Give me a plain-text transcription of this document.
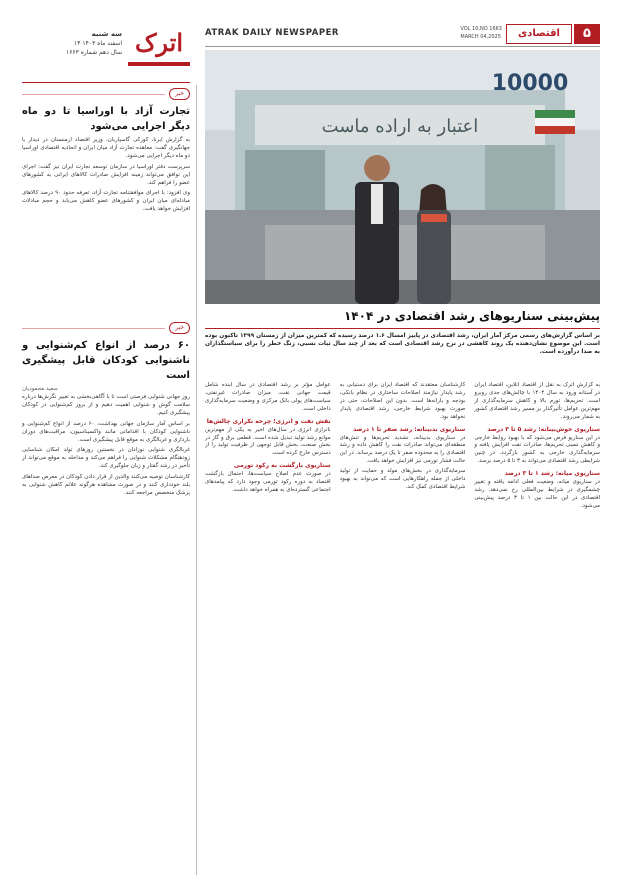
۵
اقتصادی
VOL 10,NO 1663
MARCH 04,2025
ATRAK DAILY NEWSPAPER
اترک
سه شنبه
۱۴ اسفند ماه ۱۴۰۳
سال دهم شماره ۱۶۶۳
خبر
تجارت آزاد با اوراسیا تا دو ماه دیگر اجرایی می‌شود

به گزارش ایرنا، کورکی گاسپاریان، وزیر اقتصاد ارمنستان در دیدار با جهانگیری گفت: معاهده تجارت آزاد میان ایران و اتحادیه اقتصادی اوراسیا دو ماه دیگر اجرایی می‌شود.

سرپرست دفتر اوراسیا در سازمان توسعه تجارت ایران نیز گفت: اجرای این توافق می‌تواند زمینه افزایش صادرات کالاهای ایرانی به کشورهای عضو را فراهم کند.

وی افزود: با اجرای موافقتنامه تجارت آزاد، تعرفه حدود ۹۰ درصد کالاهای مبادله‌ای میان ایران و کشورهای عضو کاهش می‌یابد و حجم مبادلات افزایش خواهد یافت.

خبر
۶۰ درصد از انواع کم‌شنوایی و ناشنوایی کودکان قابل پیشگیری است
سعید محمودیان

روز جهانی شنوایی فرصتی است تا با آگاهی‌بخشی به تغییر نگرش‌ها درباره سلامت گوش و شنوایی اهمیت دهیم و از بروز کم‌شنوایی در کودکان پیشگیری کنیم.

بر اساس آمار سازمان جهانی بهداشت، ۶۰ درصد از انواع کم‌شنوایی و ناشنوایی کودکان با اقداماتی مانند واکسیناسیون، مراقبت‌های دوران بارداری و غربالگری به موقع قابل پیشگیری است.

غربالگری شنوایی نوزادان در نخستین روزهای تولد امکان شناسایی زودهنگام مشکلات شنوایی را فراهم می‌کند و مداخله به موقع می‌تواند از تأخیر در رشد گفتار و زبان جلوگیری کند.

کارشناسان توصیه می‌کنند والدین از قرار دادن کودکان در معرض صداهای بلند خودداری کنند و در صورت مشاهده هرگونه علائم کاهش شنوایی به پزشک متخصص مراجعه کنند.

اعتبار به اراده ماست
10000
پیش‌بینی سناریوهای رشد اقتصادی در ۱۴۰۴
بر اساس گزارش‌های رسمی مرکز آمار ایران، رشد اقتصادی در پاییز امسال ۱.۶ درصد رسیده که کمترین میزان از زمستان ۱۳۹۹ تاکنون بوده است. این موضوع نشان‌دهنده یک روند کاهشی در نرخ رشد اقتصادی است که بعد از چند سال ثبات نسبی، زنگ خطر را برای سیاستگذاران به صدا درآورده است.

به گزارش اترک به نقل از اقتصاد آنلاین، اقتصاد ایران در آستانه ورود به سال ۱۴۰۴ با چالش‌های جدی روبرو است. تحریم‌ها، تورم بالا و کاهش سرمایه‌گذاری از مهم‌ترین عوامل تأثیرگذار بر مسیر رشد اقتصادی کشور به شمار می‌روند.

سناریوی خوش‌بینانه: رشد ۵ تا ۳ درصد

در این سناریو فرض می‌شود که با بهبود روابط خارجی و کاهش نسبی تحریم‌ها، صادرات نفت افزایش یافته و سرمایه‌گذاری خارجی به کشور بازگردد. در چنین شرایطی رشد اقتصادی می‌تواند به ۳ تا ۵ درصد برسد.

سناریوی میانه: رشد ۱ تا ۳ درصد

در سناریوی میانه، وضعیت فعلی ادامه یافته و تغییر چشمگیری در شرایط بین‌المللی رخ نمی‌دهد. رشد اقتصادی در این حالت بین ۱ تا ۳ درصد پیش‌بینی می‌شود.

کارشناسان معتقدند که اقتصاد ایران برای دستیابی به رشد پایدار نیازمند اصلاحات ساختاری در نظام بانکی، بودجه و یارانه‌ها است. بدون این اصلاحات، حتی در صورت بهبود شرایط خارجی، رشد اقتصادی پایدار نخواهد بود.

سناریوی بدبینانه: رشد صفر تا ۱ درصد

در سناریوی بدبینانه، تشدید تحریم‌ها و تنش‌های منطقه‌ای می‌تواند صادرات نفت را کاهش داده و رشد اقتصادی را به محدوده صفر تا یک درصد برساند. در این حالت فشار تورمی نیز افزایش خواهد یافت.

سرمایه‌گذاری در بخش‌های مولد و حمایت از تولید داخلی از جمله راهکارهایی است که می‌تواند به بهبود شرایط اقتصادی کمک کند.

عوامل مؤثر بر رشد اقتصادی در سال آینده شامل قیمت جهانی نفت، میزان صادرات غیرنفتی، سیاست‌های پولی بانک مرکزی و وضعیت سرمایه‌گذاری داخلی است.

نقش نفت و انرژی؛ چرخه تکراری چالش‌ها

ناترازی انرژی در سال‌های اخیر به یکی از مهم‌ترین موانع رشد تولید تبدیل شده است. قطعی برق و گاز در بخش صنعت، بخش قابل توجهی از ظرفیت تولید را از دسترس خارج کرده است.

سناریوی بازگشت به رکود تورمی

در صورت عدم اصلاح سیاست‌ها، احتمال بازگشت اقتصاد به دوره رکود تورمی وجود دارد که پیامدهای اجتماعی گسترده‌ای به همراه خواهد داشت.
